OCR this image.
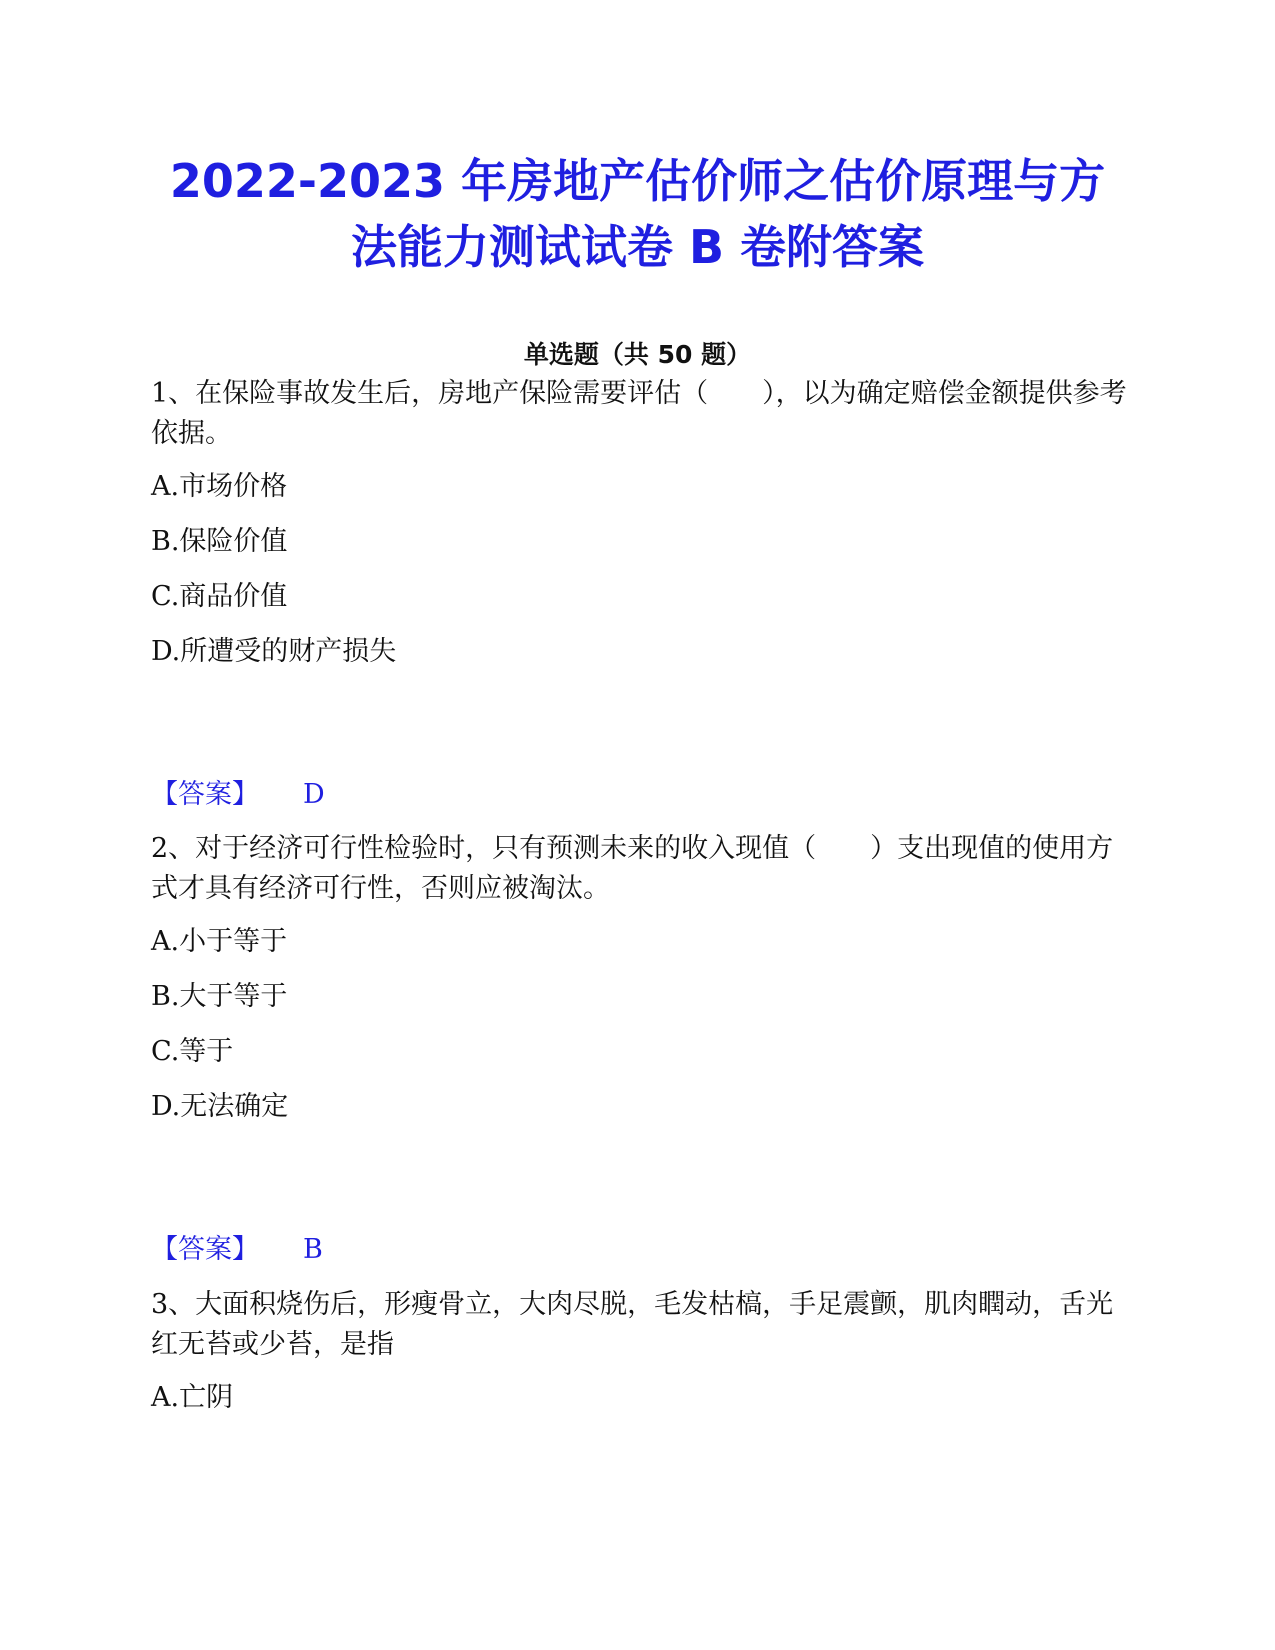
2022-2023 年房地产估价师之估价原理与方
法能力测试试卷 B 卷附答案
单选题（共 50 题）
1、在保险事故发生后，房地产保险需要评估（　　），以为确定赔偿金额提供参考依据。
A.市场价格
B.保险价值
C.商品价值
D.所遭受的财产损失
【答案】 D
2、对于经济可行性检验时，只有预测未来的收入现值（　　）支出现值的使用方式才具有经济可行性，否则应被淘汰。
A.小于等于
B.大于等于
C.等于
D.无法确定
【答案】 B
3、大面积烧伤后，形瘦骨立，大肉尽脱，毛发枯槁，手足震颤，肌肉瞤动，舌光红无苔或少苔，是指
A.亡阴
